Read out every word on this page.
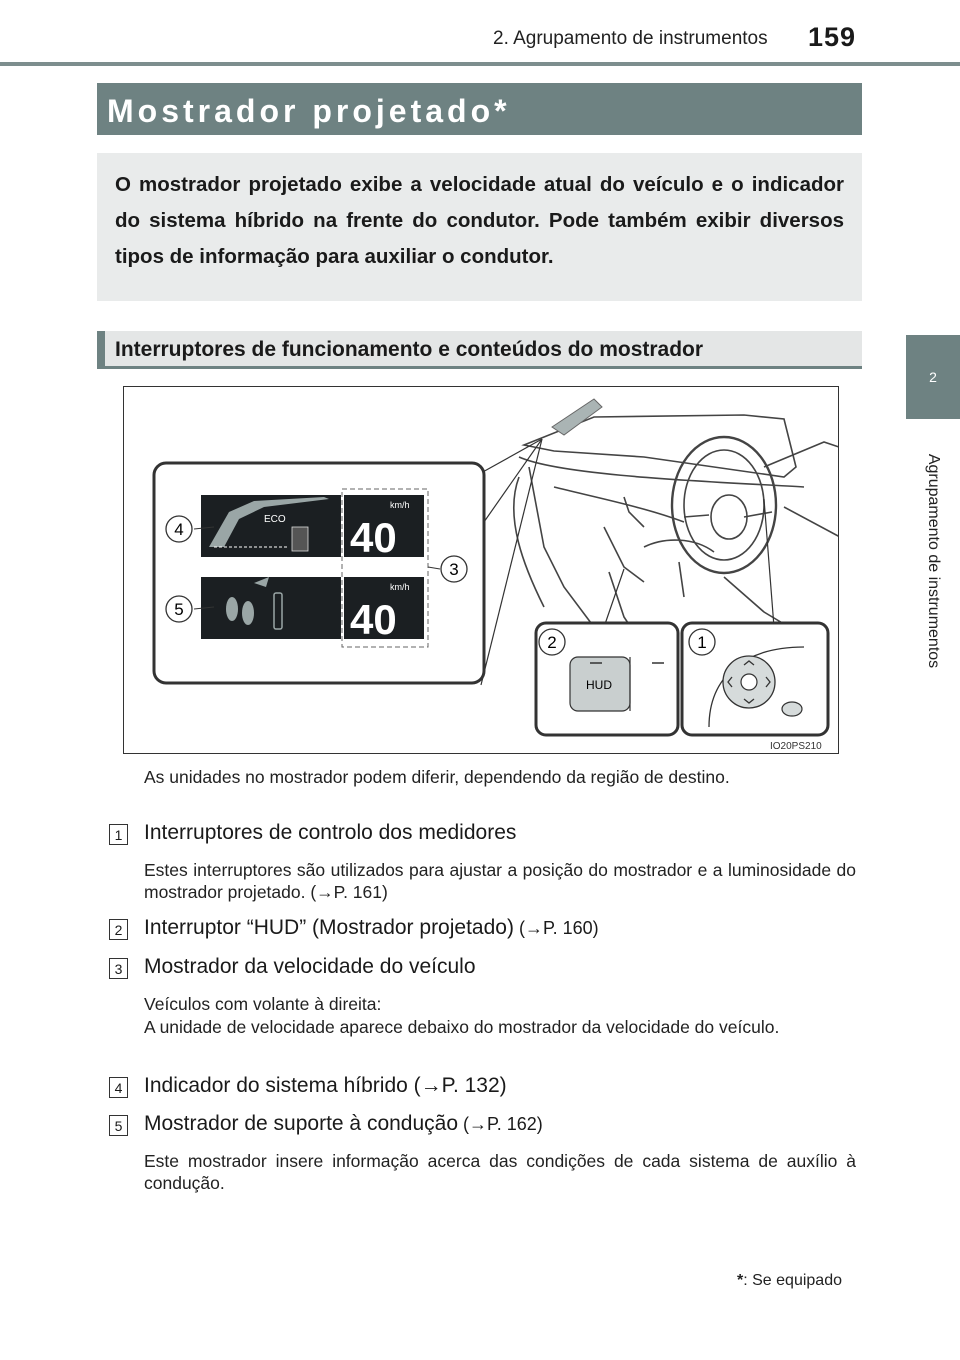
2. Agrupamento de instrumentos 159
2
Agrupamento de instrumentos
Mostrador projetado*
O mostrador projetado exibe a velocidade atual do veículo e o indicador do sistema híbrido na frente do condutor. Pode também exibir diversos tipos de informação para auxiliar o condutor.
Interruptores de funcionamento e conteúdos do mostrador
ECO
km/h
40
km/h
40
4
5
3
HUD
2	1
IO20PS210
As unidades no mostrador podem diferir, dependendo da região de destino.
1 Interruptores de controlo dos medidores
Estes interruptores são utilizados para ajustar a posição do mostrador e a luminosidade do mostrador projetado. (→P. 161)
2 Interruptor “HUD” (Mostrador projetado) (→P. 160)
3 Mostrador da velocidade do veículo
Veículos com volante à direita:
A unidade de velocidade aparece debaixo do mostrador da velocidade do veículo.
4 Indicador do sistema híbrido (→P. 132)
5 Mostrador de suporte à condução (→P. 162)
Este mostrador insere informação acerca das condições de cada sistema de auxílio à condução.
*: Se equipado
